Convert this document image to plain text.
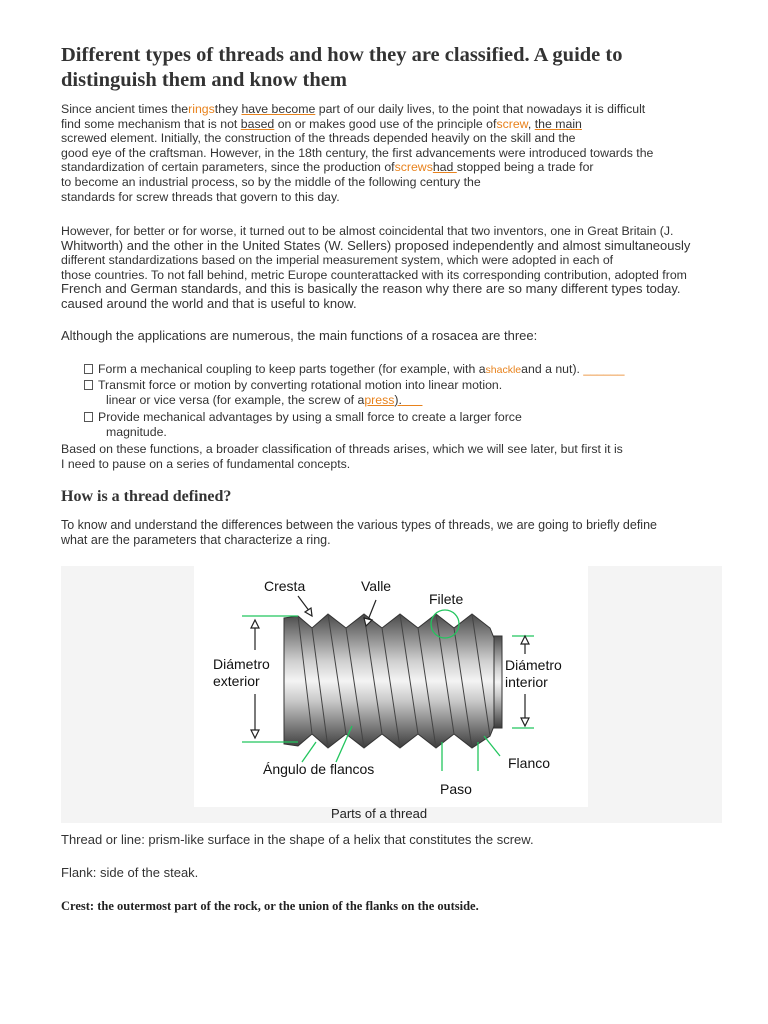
Different types of threads and how they are classified. A guide to distinguish them and know them
Since ancient times theringsthey have become part of our daily lives, to the point that nowadays it is difficult
find some mechanism that is not based on or makes good use of the principle ofscrew, the main
screwed element. Initially, the construction of the threads depended heavily on the skill and the
good eye of the craftsman. However, in the 18th century, the first advancements were introduced towards the
standardization of certain parameters, since the production ofscrewshad stopped being a trade for
to become an industrial process, so by the middle of the following century the
standards for screw threads that govern to this day.
However, for better or for worse, it turned out to be almost coincidental that two inventors, one in Great Britain (J.
Whitworth) and the other in the United States (W. Sellers) proposed independently and almost simultaneously
different standardizations based on the imperial measurement system, which were adopted in each of
those countries. To not fall behind, metric Europe counterattacked with its corresponding contribution, adopted from
French and German standards, and this is basically the reason why there are so many different types today.
caused around the world and that is useful to know.

Although the applications are numerous, the main functions of a rosacea are three:

Form a mechanical coupling to keep parts together (for example, with ashackleand a nut). ______

Transmit force or motion by converting rotational motion into linear motion.

linear or vice versa (for example, the screw of apress).

Provide mechanical advantages by using a small force to create a larger force

magnitude.

Based on these functions, a broader classification of threads arises, which we will see later, but first it is
I need to pause on a series of fundamental concepts.
How is a thread defined?
To know and understand the differences between the various types of threads, we are going to briefly define
what are the parameters that characterize a ring.
Cresta	Valle
Filete
Diámetro
exterior
Diámetro
interior
Ángulo de flancos	Flanco
Paso

Parts of a thread

Thread or line: prism-like surface in the shape of a helix that constitutes the screw.

Flank: side of the steak.

Crest: the outermost part of the rock, or the union of the flanks on the outside.
